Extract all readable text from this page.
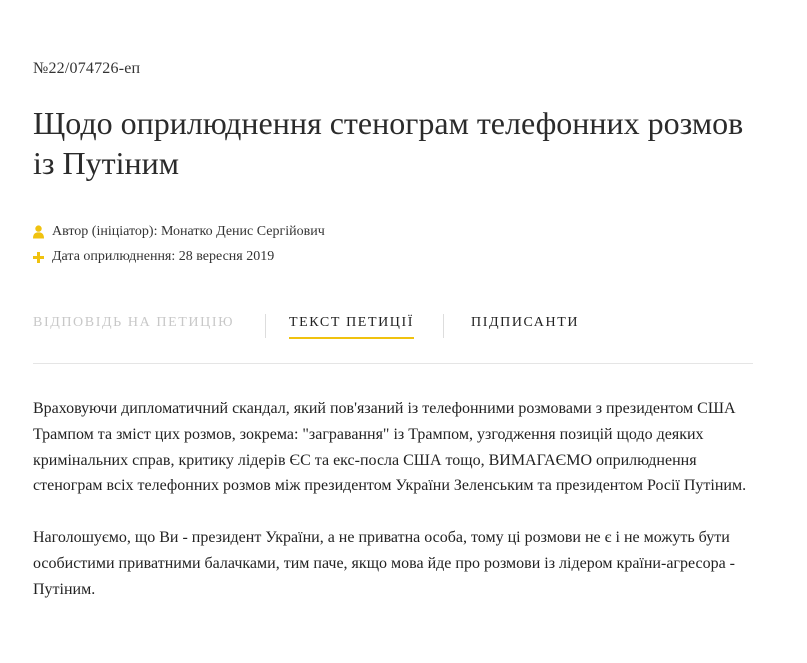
№22/074726-еп
Щодо оприлюднення стенограм телефонних розмов із Путіним
Автор (ініціатор): Монатко Денис Сергійович
Дата оприлюднення: 28 вересня 2019
ВІДПОВІДЬ НА ПЕТИЦІЮ	ТЕКСТ ПЕТИЦІЇ	ПІДПИСАНТИ

Враховуючи дипломатичний скандал, який пов'язаний із телефонними розмовами з президентом США Трампом та зміст цих розмов, зокрема: "загравання" із Трампом, узгодження позицій щодо деяких кримінальних справ, критику лідерів ЄС та екс-посла США тощо, ВИМАГАЄМО оприлюднення стенограм всіх телефонних розмов між президентом України Зеленським та президентом Росії Путіним.

Наголошуємо, що Ви - президент України, а не приватна особа, тому ці розмови не є і не можуть бути особистими приватними балачками, тим паче, якщо мова йде про розмови із лідером країни-агресора - Путіним.
